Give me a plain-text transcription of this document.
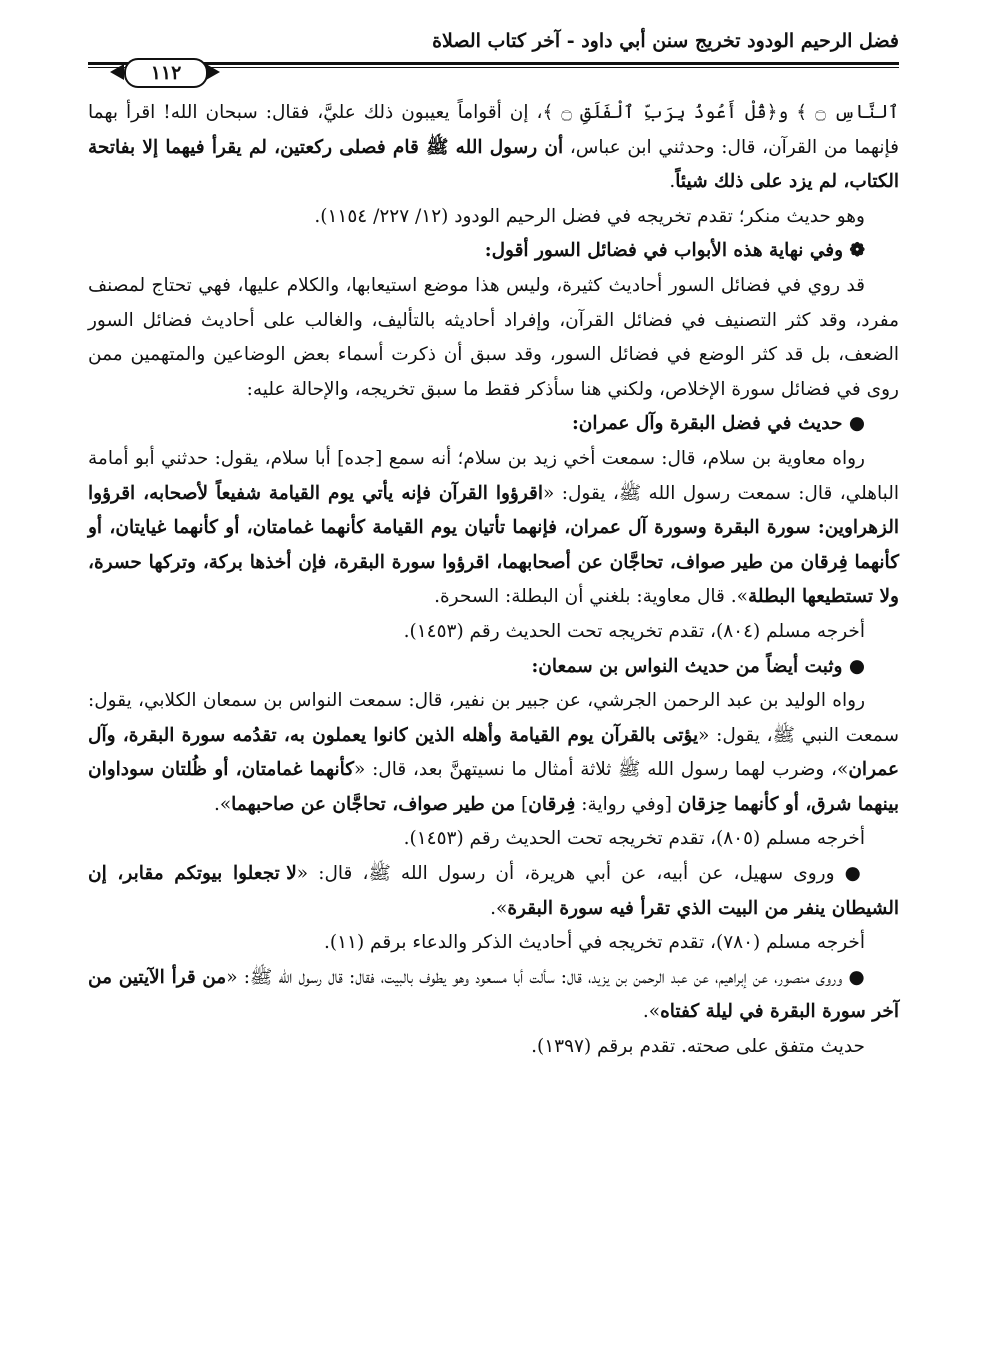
فضل الرحيم الودود تخريج سنن أبي داود - آخر كتاب الصلاة
١١٢

ٱلنَّاسِ ۝ ﴾ و﴿قُلْ أَعُوذُ بِرَبِّ ٱلْفَلَقِ ۝ ﴾، إن أقواماً يعيبون ذلك عليَّ، فقال: سبحان الله! اقرأ بهما فإنهما من القرآن، قال: وحدثني ابن عباس، أن رسول الله ﷺ قام فصلى ركعتين، لم يقرأ فيهما إلا بفاتحة الكتاب، لم يزد على ذلك شيئاً.

وهو حديث منكر؛ تقدم تخريجه في فضل الرحيم الودود (١٢/ ٢٢٧/ ١١٥٤).

❁ وفي نهاية هذه الأبواب في فضائل السور أقول:

قد روي في فضائل السور أحاديث كثيرة، وليس هذا موضع استيعابها، والكلام عليها، فهي تحتاج لمصنف مفرد، وقد كثر التصنيف في فضائل القرآن، وإفراد أحاديثه بالتأليف، والغالب على أحاديث فضائل السور الضعف، بل قد كثر الوضع في فضائل السور، وقد سبق أن ذكرت أسماء بعض الوضاعين والمتهمين ممن روى في فضائل سورة الإخلاص، ولكني هنا سأذكر فقط ما سبق تخريجه، والإحالة عليه:

● حديث في فضل البقرة وآل عمران:

رواه معاوية بن سلام، قال: سمعت أخي زيد بن سلام؛ أنه سمع [جده] أبا سلام، يقول: حدثني أبو أمامة الباهلي، قال: سمعت رسول الله ﷺ، يقول: «اقرؤوا القرآن فإنه يأتي يوم القيامة شفيعاً لأصحابه، اقرؤوا الزهراوين: سورة البقرة وسورة آل عمران، فإنهما تأتيان يوم القيامة كأنهما غمامتان، أو كأنهما غيايتان، أو كأنهما فِرقان من طير صواف، تحاجَّان عن أصحابهما، اقرؤوا سورة البقرة، فإن أخذها بركة، وتركها حسرة، ولا تستطيعها البطلة». قال معاوية: بلغني أن البطلة: السحرة.

أخرجه مسلم (٨٠٤)، تقدم تخريجه تحت الحديث رقم (١٤٥٣).

● وثبت أيضاً من حديث النواس بن سمعان:

رواه الوليد بن عبد الرحمن الجرشي، عن جبير بن نفير، قال: سمعت النواس بن سمعان الكلابي، يقول: سمعت النبي ﷺ، يقول: «يؤتى بالقرآن يوم القيامة وأهله الذين كانوا يعملون به، تقدُمه سورة البقرة، وآل عمران»، وضرب لهما رسول الله ﷺ ثلاثة أمثال ما نسيتهنَّ بعد، قال: «كأنهما غمامتان، أو ظُلتان سوداوان بينهما شرق، أو كأنهما حِزقان [وفي رواية: فِرقان] من طير صواف، تحاجَّان عن صاحبهما».

أخرجه مسلم (٨٠٥)، تقدم تخريجه تحت الحديث رقم (١٤٥٣).

● وروى سهيل، عن أبيه، عن أبي هريرة، أن رسول الله ﷺ، قال: «لا تجعلوا بيوتكم مقابر، إن الشيطان ينفر من البيت الذي تقرأ فيه سورة البقرة».

أخرجه مسلم (٧٨٠)، تقدم تخريجه في أحاديث الذكر والدعاء برقم (١١).

● وروى منصور، عن إبراهيم، عن عبد الرحمن بن يزيد، قال: سألت أبا مسعود وهو يطوف بالبيت، فقال: قال رسول الله ﷺ: «من قرأ الآيتين من آخر سورة البقرة في ليلة كفتاه».

حديث متفق على صحته. تقدم برقم (١٣٩٧).
